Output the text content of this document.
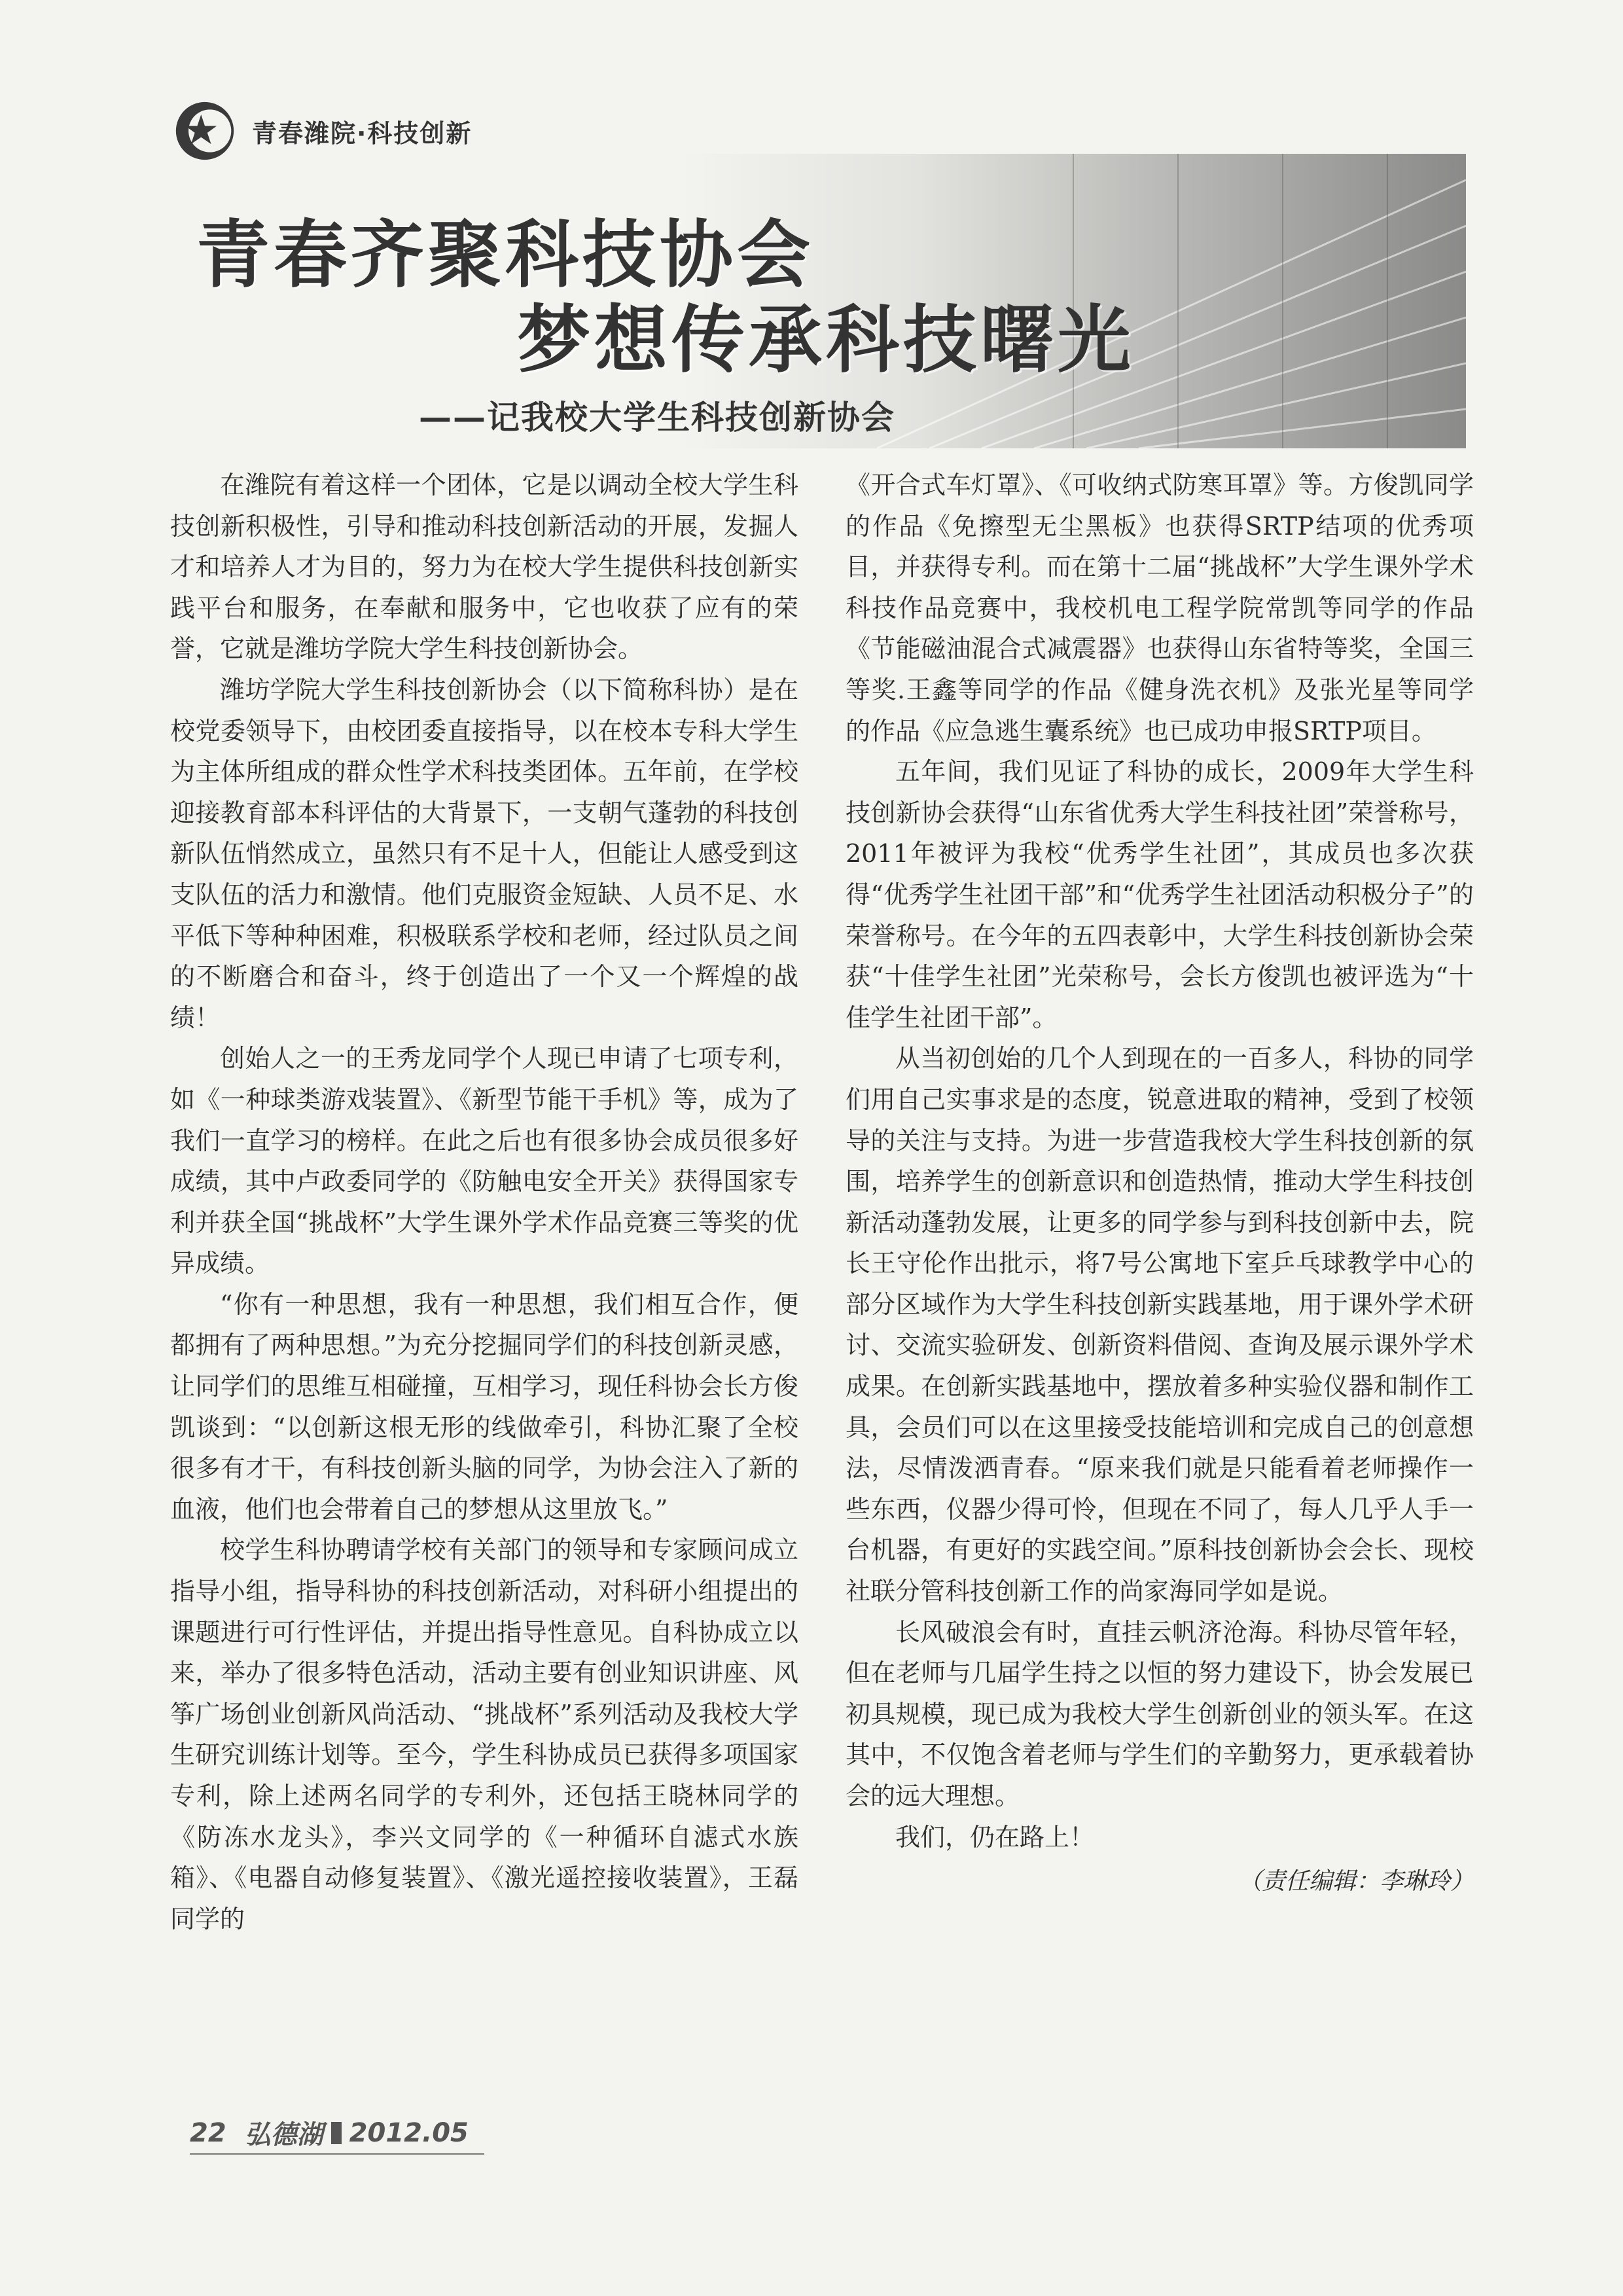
青春潍院·科技创新
青春齐聚科技协会
梦想传承科技曙光
——记我校大学生科技创新协会

在潍院有着这样一个团体，它是以调动全校大学生科技创新积极性，引导和推动科技创新活动的开展，发掘人才和培养人才为目的，努力为在校大学生提供科技创新实践平台和服务，在奉献和服务中，它也收获了应有的荣誉，它就是潍坊学院大学生科技创新协会。

潍坊学院大学生科技创新协会（以下简称科协）是在校党委领导下，由校团委直接指导，以在校本专科大学生为主体所组成的群众性学术科技类团体。五年前，在学校迎接教育部本科评估的大背景下，一支朝气蓬勃的科技创新队伍悄然成立，虽然只有不足十人，但能让人感受到这支队伍的活力和激情。他们克服资金短缺、人员不足、水平低下等种种困难，积极联系学校和老师，经过队员之间的不断磨合和奋斗，终于创造出了一个又一个辉煌的战绩！

创始人之一的王秀龙同学个人现已申请了七项专利，如《一种球类游戏装置》、《新型节能干手机》等，成为了我们一直学习的榜样。在此之后也有很多协会成员很多好成绩，其中卢政委同学的《防触电安全开关》获得国家专利并获全国“挑战杯”大学生课外学术作品竞赛三等奖的优异成绩。

“你有一种思想，我有一种思想，我们相互合作，便都拥有了两种思想。”为充分挖掘同学们的科技创新灵感，让同学们的思维互相碰撞，互相学习，现任科协会长方俊凯谈到：“以创新这根无形的线做牵引，科协汇聚了全校很多有才干，有科技创新头脑的同学，为协会注入了新的血液，他们也会带着自己的梦想从这里放飞。”

校学生科协聘请学校有关部门的领导和专家顾问成立指导小组，指导科协的科技创新活动，对科研小组提出的课题进行可行性评估，并提出指导性意见。自科协成立以来，举办了很多特色活动，活动主要有创业知识讲座、风筝广场创业创新风尚活动、“挑战杯”系列活动及我校大学生研究训练计划等。至今，学生科协成员已获得多项国家专利，除上述两名同学的专利外，还包括王晓林同学的《防冻水龙头》，李兴文同学的《一种循环自滤式水族箱》、《电器自动修复装置》、《激光遥控接收装置》，王磊同学的

《开合式车灯罩》、《可收纳式防寒耳罩》等。方俊凯同学的作品《免擦型无尘黑板》也获得SRTP结项的优秀项目，并获得专利。而在第十二届“挑战杯”大学生课外学术科技作品竞赛中，我校机电工程学院常凯等同学的作品《节能磁油混合式减震器》也获得山东省特等奖，全国三等奖.王鑫等同学的作品《健身洗衣机》及张光星等同学的作品《应急逃生囊系统》也已成功申报SRTP项目。

五年间，我们见证了科协的成长，2009年大学生科技创新协会获得“山东省优秀大学生科技社团”荣誉称号，2011年被评为我校“优秀学生社团”，其成员也多次获得“优秀学生社团干部”和“优秀学生社团活动积极分子”的荣誉称号。在今年的五四表彰中，大学生科技创新协会荣获“十佳学生社团”光荣称号，会长方俊凯也被评选为“十佳学生社团干部”。

从当初创始的几个人到现在的一百多人，科协的同学们用自己实事求是的态度，锐意进取的精神，受到了校领导的关注与支持。为进一步营造我校大学生科技创新的氛围，培养学生的创新意识和创造热情，推动大学生科技创新活动蓬勃发展，让更多的同学参与到科技创新中去，院长王守伦作出批示，将7号公寓地下室乒乓球教学中心的部分区域作为大学生科技创新实践基地，用于课外学术研讨、交流实验研发、创新资料借阅、查询及展示课外学术成果。在创新实践基地中，摆放着多种实验仪器和制作工具，会员们可以在这里接受技能培训和完成自己的创意想法，尽情泼洒青春。“原来我们就是只能看着老师操作一些东西，仪器少得可怜，但现在不同了，每人几乎人手一台机器，有更好的实践空间。”原科技创新协会会长、现校社联分管科技创新工作的尚家海同学如是说。

长风破浪会有时，直挂云帆济沧海。科协尽管年轻，但在老师与几届学生持之以恒的努力建设下，协会发展已初具规模，现已成为我校大学生创新创业的领头军。在这其中，不仅饱含着老师与学生们的辛勤努力，更承载着协会的远大理想。

我们，仍在路上！

（责任编辑：李琳玲）
22 弘德湖 2012.05
